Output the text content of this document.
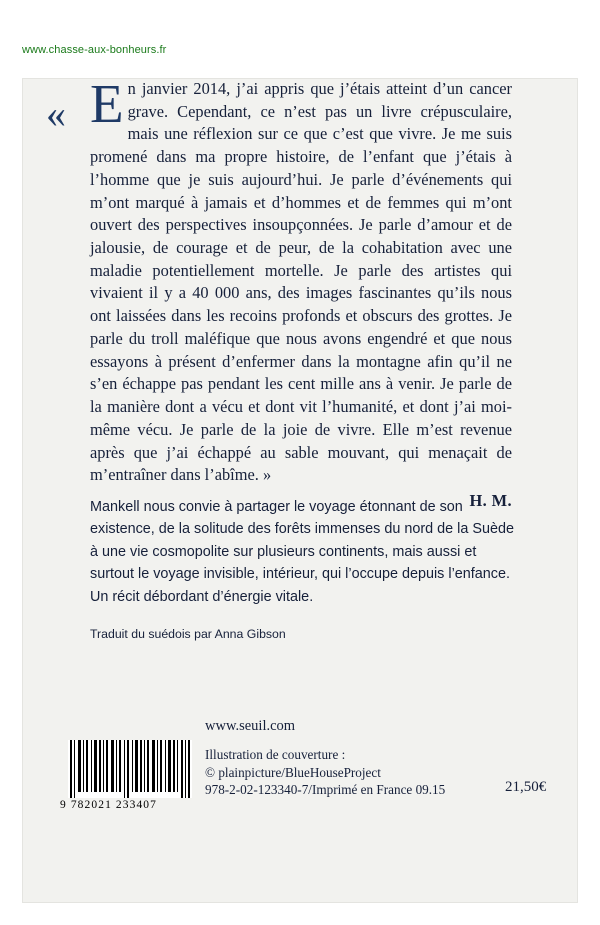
www.chasse-aux-bonheurs.fr
« En janvier 2014, j’ai appris que j’étais atteint d’un cancer grave. Cependant, ce n’est pas un livre crépusculaire, mais une réflexion sur ce que c’est que vivre. Je me suis promené dans ma propre histoire, de l’enfant que j’étais à l’homme que je suis aujourd’hui. Je parle d’événements qui m’ont marqué à jamais et d’hommes et de femmes qui m’ont ouvert des perspectives insoupçonnées. Je parle d’amour et de jalousie, de courage et de peur, de la cohabitation avec une maladie potentiellement mortelle. Je parle des artistes qui vivaient il y a 40 000 ans, des images fascinantes qu’ils nous ont laissées dans les recoins profonds et obscurs des grottes. Je parle du troll maléfique que nous avons engendré et que nous essayons à présent d’enfermer dans la montagne afin qu’il ne s’en échappe pas pendant les cent mille ans à venir. Je parle de la manière dont a vécu et dont vit l’humanité, et dont j’ai moi-même vécu. Je parle de la joie de vivre. Elle m’est revenue après que j’ai échappé au sable mouvant, qui menaçait de m’entraîner dans l’abîme. »
H. M.
Mankell nous convie à partager le voyage étonnant de son existence, de la solitude des forêts immenses du nord de la Suède à une vie cosmopolite sur plusieurs continents, mais aussi et surtout le voyage invisible, intérieur, qui l’occupe depuis l’enfance. Un récit débordant d’énergie vitale.
Traduit du suédois par Anna Gibson
www.seuil.com
Illustration de couverture :
© plainpicture/BlueHouseProject
978-2-02-123340-7/Imprimé en France 09.15	21,50€
9 782021 233407
